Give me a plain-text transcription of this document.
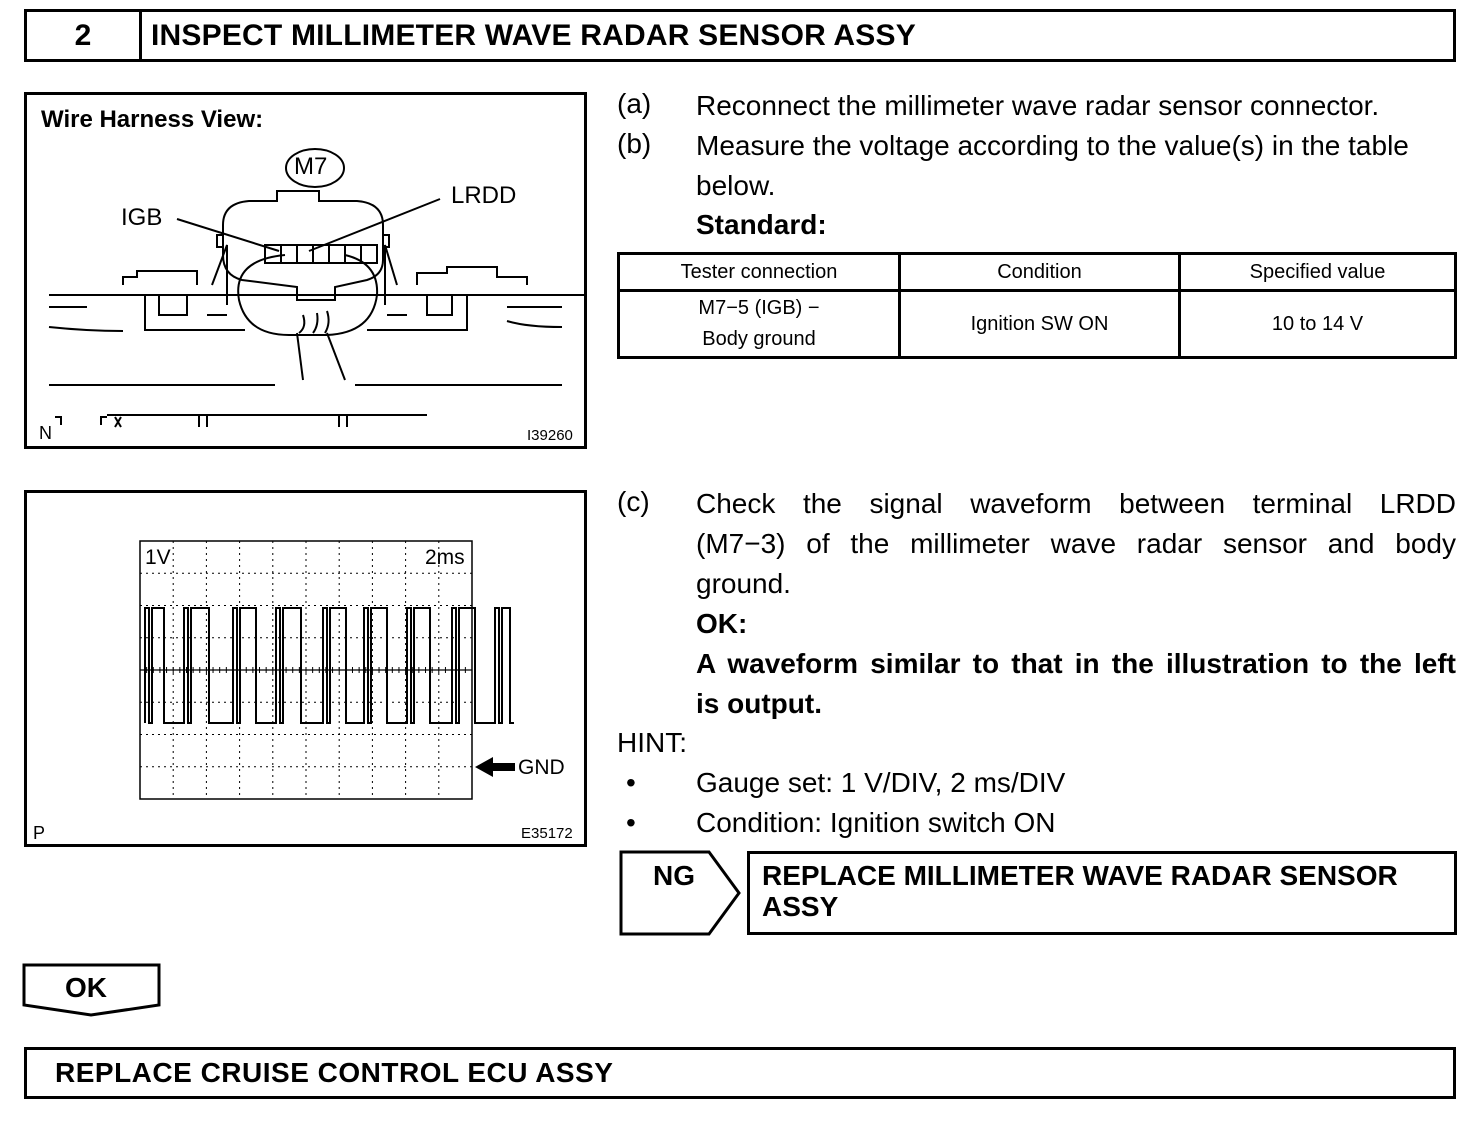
2	INSPECT MILLIMETER WAVE RADAR SENSOR ASSY
Wire Harness View:
M7
IGB
LRDD
N	I39260
1V	2ms
GND
P	E35172
(a) Reconnect the millimeter wave radar sensor connector.
(b) Measure the voltage according to the value(s) in the table
below.
Standard:
Tester connection	Condition	Specified value

M7−5 (IGB) −
Body ground	Ignition SW ON	10 to 14 V
(c) Check the signal waveform between terminal LRDD
(M7−3) of the millimeter wave radar sensor and body
ground.
OK:
A waveform similar to that in the illustration to the left
is output.
HINT:
• Gauge set: 1 V/DIV, 2 ms/DIV
• Condition: Ignition switch ON
NG REPLACE MILLIMETER WAVE RADAR SENSOR
ASSY
OK
REPLACE CRUISE CONTROL ECU ASSY
